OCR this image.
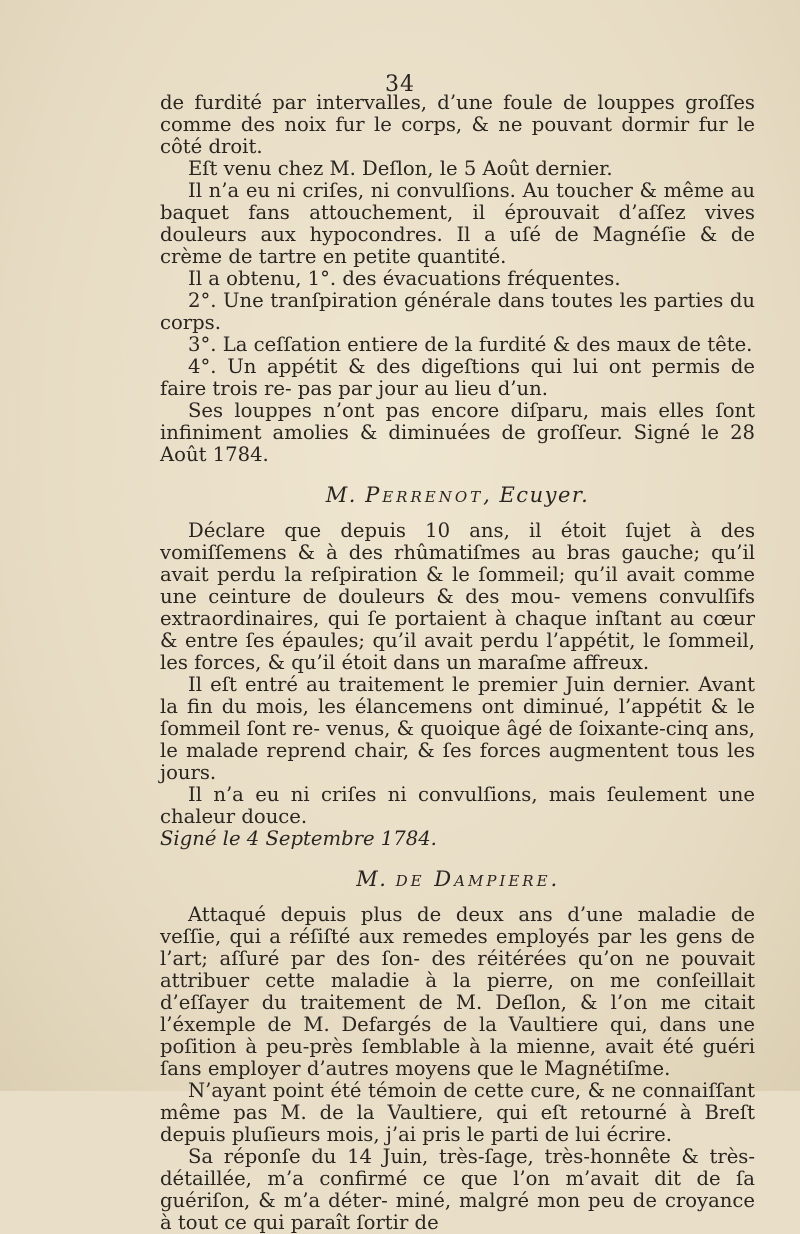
34

de furdité par intervalles, d’une foule de louppes groſſes comme des noix fur le corps, & ne pouvant dormir fur le côté droit.

Eſt venu chez M. Deſlon, le 5 Août dernier.

Il n’a eu ni criſes, ni convulſions. Au toucher & même au baquet fans attouchement, il éprouvait d’aſſez vives douleurs aux hypocondres. Il a uſé de Magnéſie & de crème de tartre en petite quantité.

Il a obtenu, 1°. des évacuations fréquentes.

2°. Une tranſpiration générale dans toutes les parties du corps.

3°. La ceſſation entiere de la furdité & des maux de tête.

4°. Un appétit & des digeſtions qui lui ont permis de faire trois re- pas par jour au lieu d’un.

Ses louppes n’ont pas encore diſparu, mais elles ſont infiniment amolies & diminuées de groſſeur. Signé le 28 Août 1784.

M. Perrenot, Ecuyer.

Déclare que depuis 10 ans, il étoit ſujet à des vomiſſemens & à des rhûmatiſmes au bras gauche; qu’il avait perdu la reſpiration & le ſommeil; qu’il avait comme une ceinture de douleurs & des mou- vemens convulſifs extraordinaires, qui ſe portaient à chaque inſtant au cœur & entre ſes épaules; qu’il avait perdu l’appétit, le ſommeil, les forces, & qu’il étoit dans un maraſme affreux.

Il eſt entré au traitement le premier Juin dernier. Avant la fin du mois, les élancemens ont diminué, l’appétit & le ſommeil ſont re- venus, & quoique âgé de ſoixante-cinq ans, le malade reprend chair, & ſes forces augmentent tous les jours.

Il n’a eu ni criſes ni convulſions, mais ſeulement une chaleur douce.

Signé le 4 Septembre 1784.

M. de Dampiere.

Attaqué depuis plus de deux ans d’une maladie de veſſie, qui a réſiſté aux remedes employés par les gens de l’art; aſſuré par des ſon- des réitérées qu’on ne pouvait attribuer cette maladie à la pierre, on me conſeillait d’eſſayer du traitement de M. Deſlon, & l’on me citait l’éxemple de M. Defargés de la Vaultiere qui, dans une poſition à peu-près ſemblable à la mienne, avait été guéri ſans employer d’autres moyens que le Magnétiſme.

N’ayant point été témoin de cette cure, & ne connaiſſant même pas M. de la Vaultiere, qui eſt retourné à Breſt depuis pluſieurs mois, j’ai pris le parti de lui écrire.

Sa réponſe du 14 Juin, très-ſage, très-honnête & très-détaillée, m’a confirmé ce que l’on m’avait dit de ſa guériſon, & m’a déter- miné, malgré mon peu de croyance à tout ce qui paraît ſortir de
